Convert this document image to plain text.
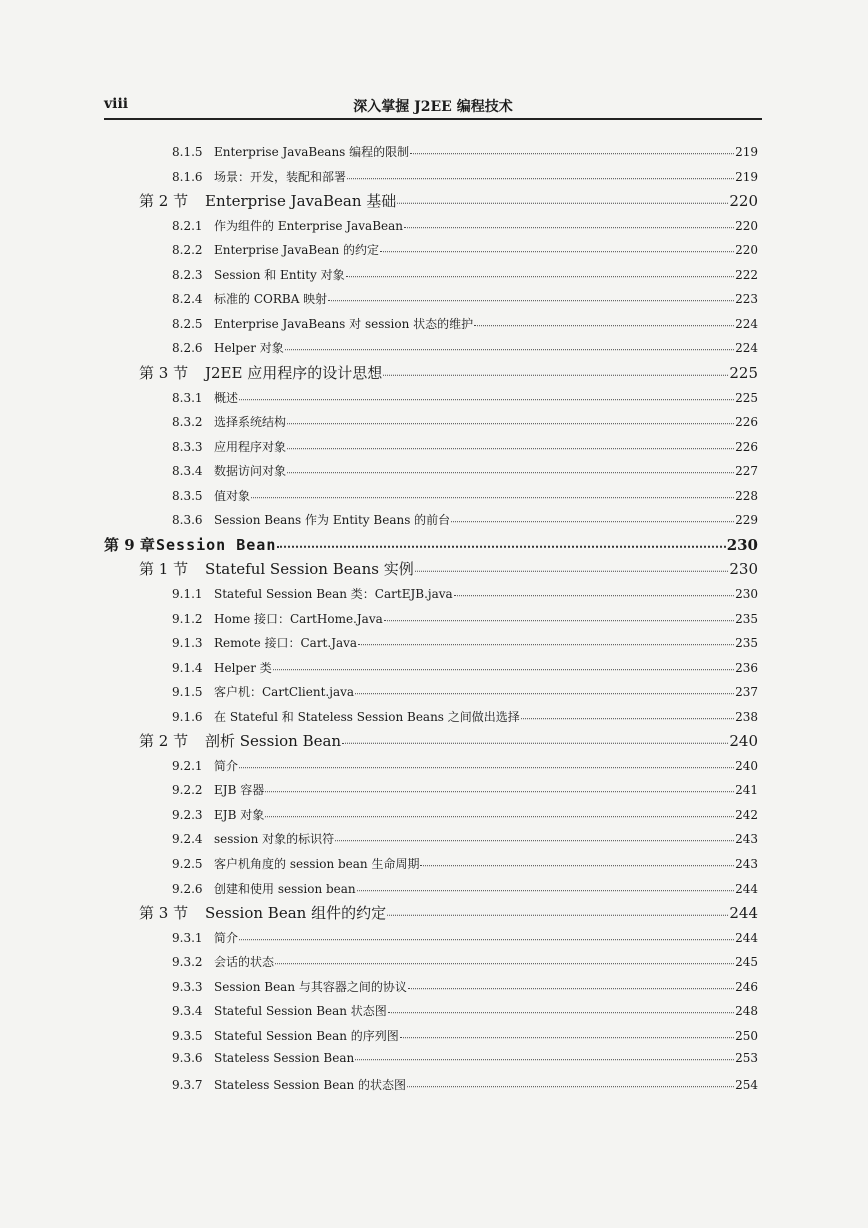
viii	深入掌握 J2EE 编程技术
8.1.5 Enterprise JavaBeans 编程的限制	219
8.1.6 场景：开发，装配和部署	219
第 2 节	Enterprise JavaBean 基础	220
8.2.1 作为组件的 Enterprise JavaBean	220
8.2.2 Enterprise JavaBean 的约定	220
8.2.3 Session 和 Entity 对象	222
8.2.4 标准的 CORBA 映射	223
8.2.5 Enterprise JavaBeans 对 session 状态的维护	224
8.2.6 Helper 对象	224
第 3 节	J2EE 应用程序的设计思想	225
8.3.1 概述	225
8.3.2 选择系统结构	226
8.3.3 应用程序对象	226
8.3.4 数据访问对象	227
8.3.5 值对象	228
8.3.6 Session Beans 作为 Entity Beans 的前台	229
第 9 章 Session Bean	230
第 1 节	Stateful Session Beans 实例	230
9.1.1 Stateful Session Bean 类：CartEJB.java	230
9.1.2 Home 接口：CartHome.Java	235
9.1.3 Remote 接口：Cart.Java	235
9.1.4 Helper 类	236
9.1.5 客户机：CartClient.java	237
9.1.6 在 Stateful 和 Stateless Session Beans 之间做出选择	238
第 2 节	剖析 Session Bean	240
9.2.1 简介	240
9.2.2 EJB 容器	241
9.2.3 EJB 对象	242
9.2.4 session 对象的标识符	243
9.2.5 客户机角度的 session bean 生命周期	243
9.2.6 创建和使用 session bean	244
第 3 节	Session Bean 组件的约定	244
9.3.1 简介	244
9.3.2 会话的状态	245
9.3.3 Session Bean 与其容器之间的协议	246
9.3.4 Stateful Session Bean 状态图	248
9.3.5 Stateful Session Bean 的序列图	250
9.3.6 Stateless Session Bean	253
9.3.7 Stateless Session Bean 的状态图	254
